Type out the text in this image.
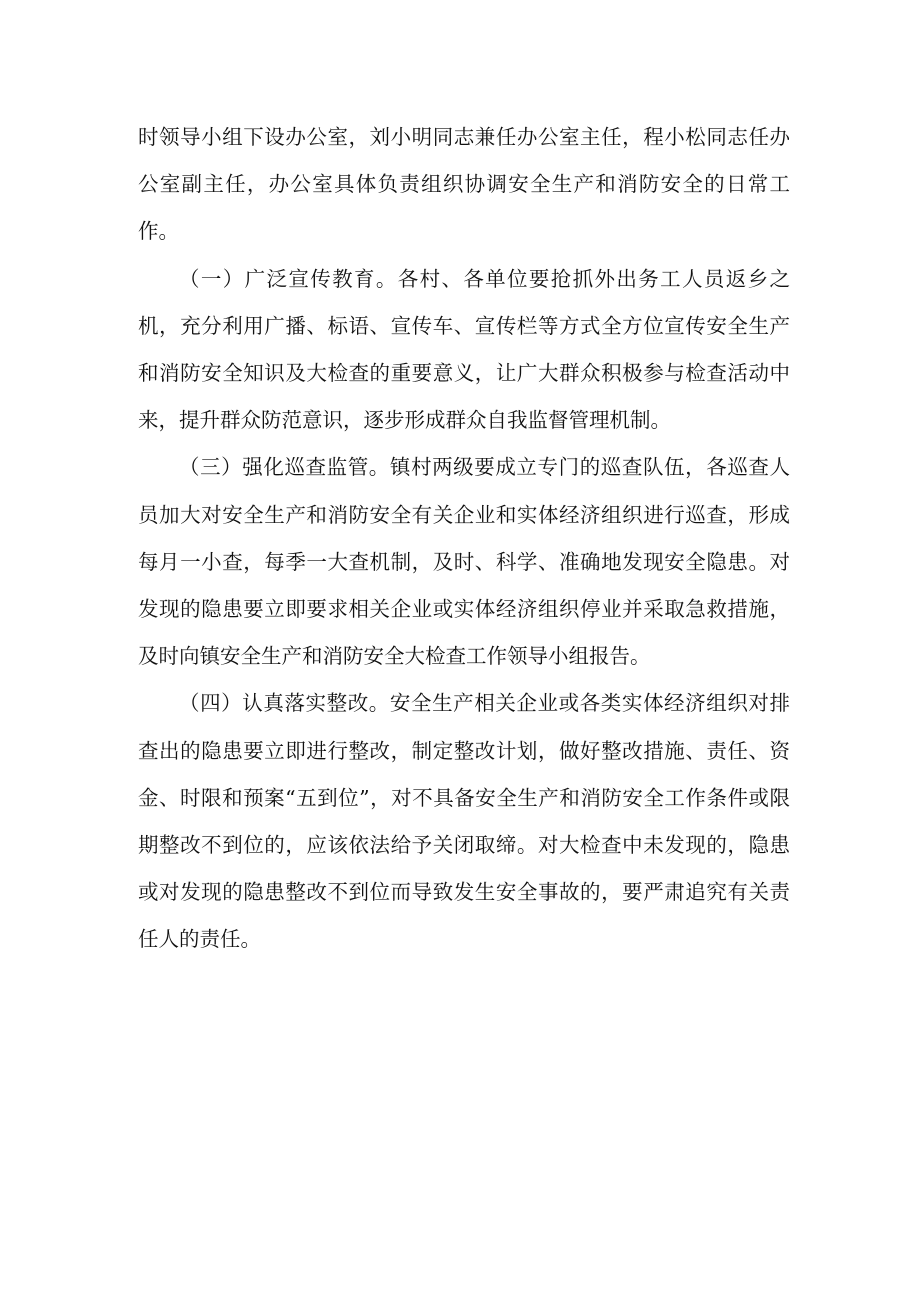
时领导小组下设办公室，刘小明同志兼任办公室主任，程小松同志任办公室副主任，办公室具体负责组织协调安全生产和消防安全的日常工作。

（一）广泛宣传教育。各村、各单位要抢抓外出务工人员返乡之机，充分利用广播、标语、宣传车、宣传栏等方式全方位宣传安全生产和消防安全知识及大检查的重要意义，让广大群众积极参与检查活动中来，提升群众防范意识，逐步形成群众自我监督管理机制。

（三）强化巡查监管。镇村两级要成立专门的巡查队伍，各巡查人员加大对安全生产和消防安全有关企业和实体经济组织进行巡查，形成每月一小查，每季一大查机制，及时、科学、准确地发现安全隐患。对发现的隐患要立即要求相关企业或实体经济组织停业并采取急救措施，及时向镇安全生产和消防安全大检查工作领导小组报告。

（四）认真落实整改。安全生产相关企业或各类实体经济组织对排查出的隐患要立即进行整改，制定整改计划，做好整改措施、责任、资金、时限和预案“五到位”，对不具备安全生产和消防安全工作条件或限期整改不到位的，应该依法给予关闭取缔。对大检查中未发现的，隐患或对发现的隐患整改不到位而导致发生安全事故的，要严肃追究有关责任人的责任。
